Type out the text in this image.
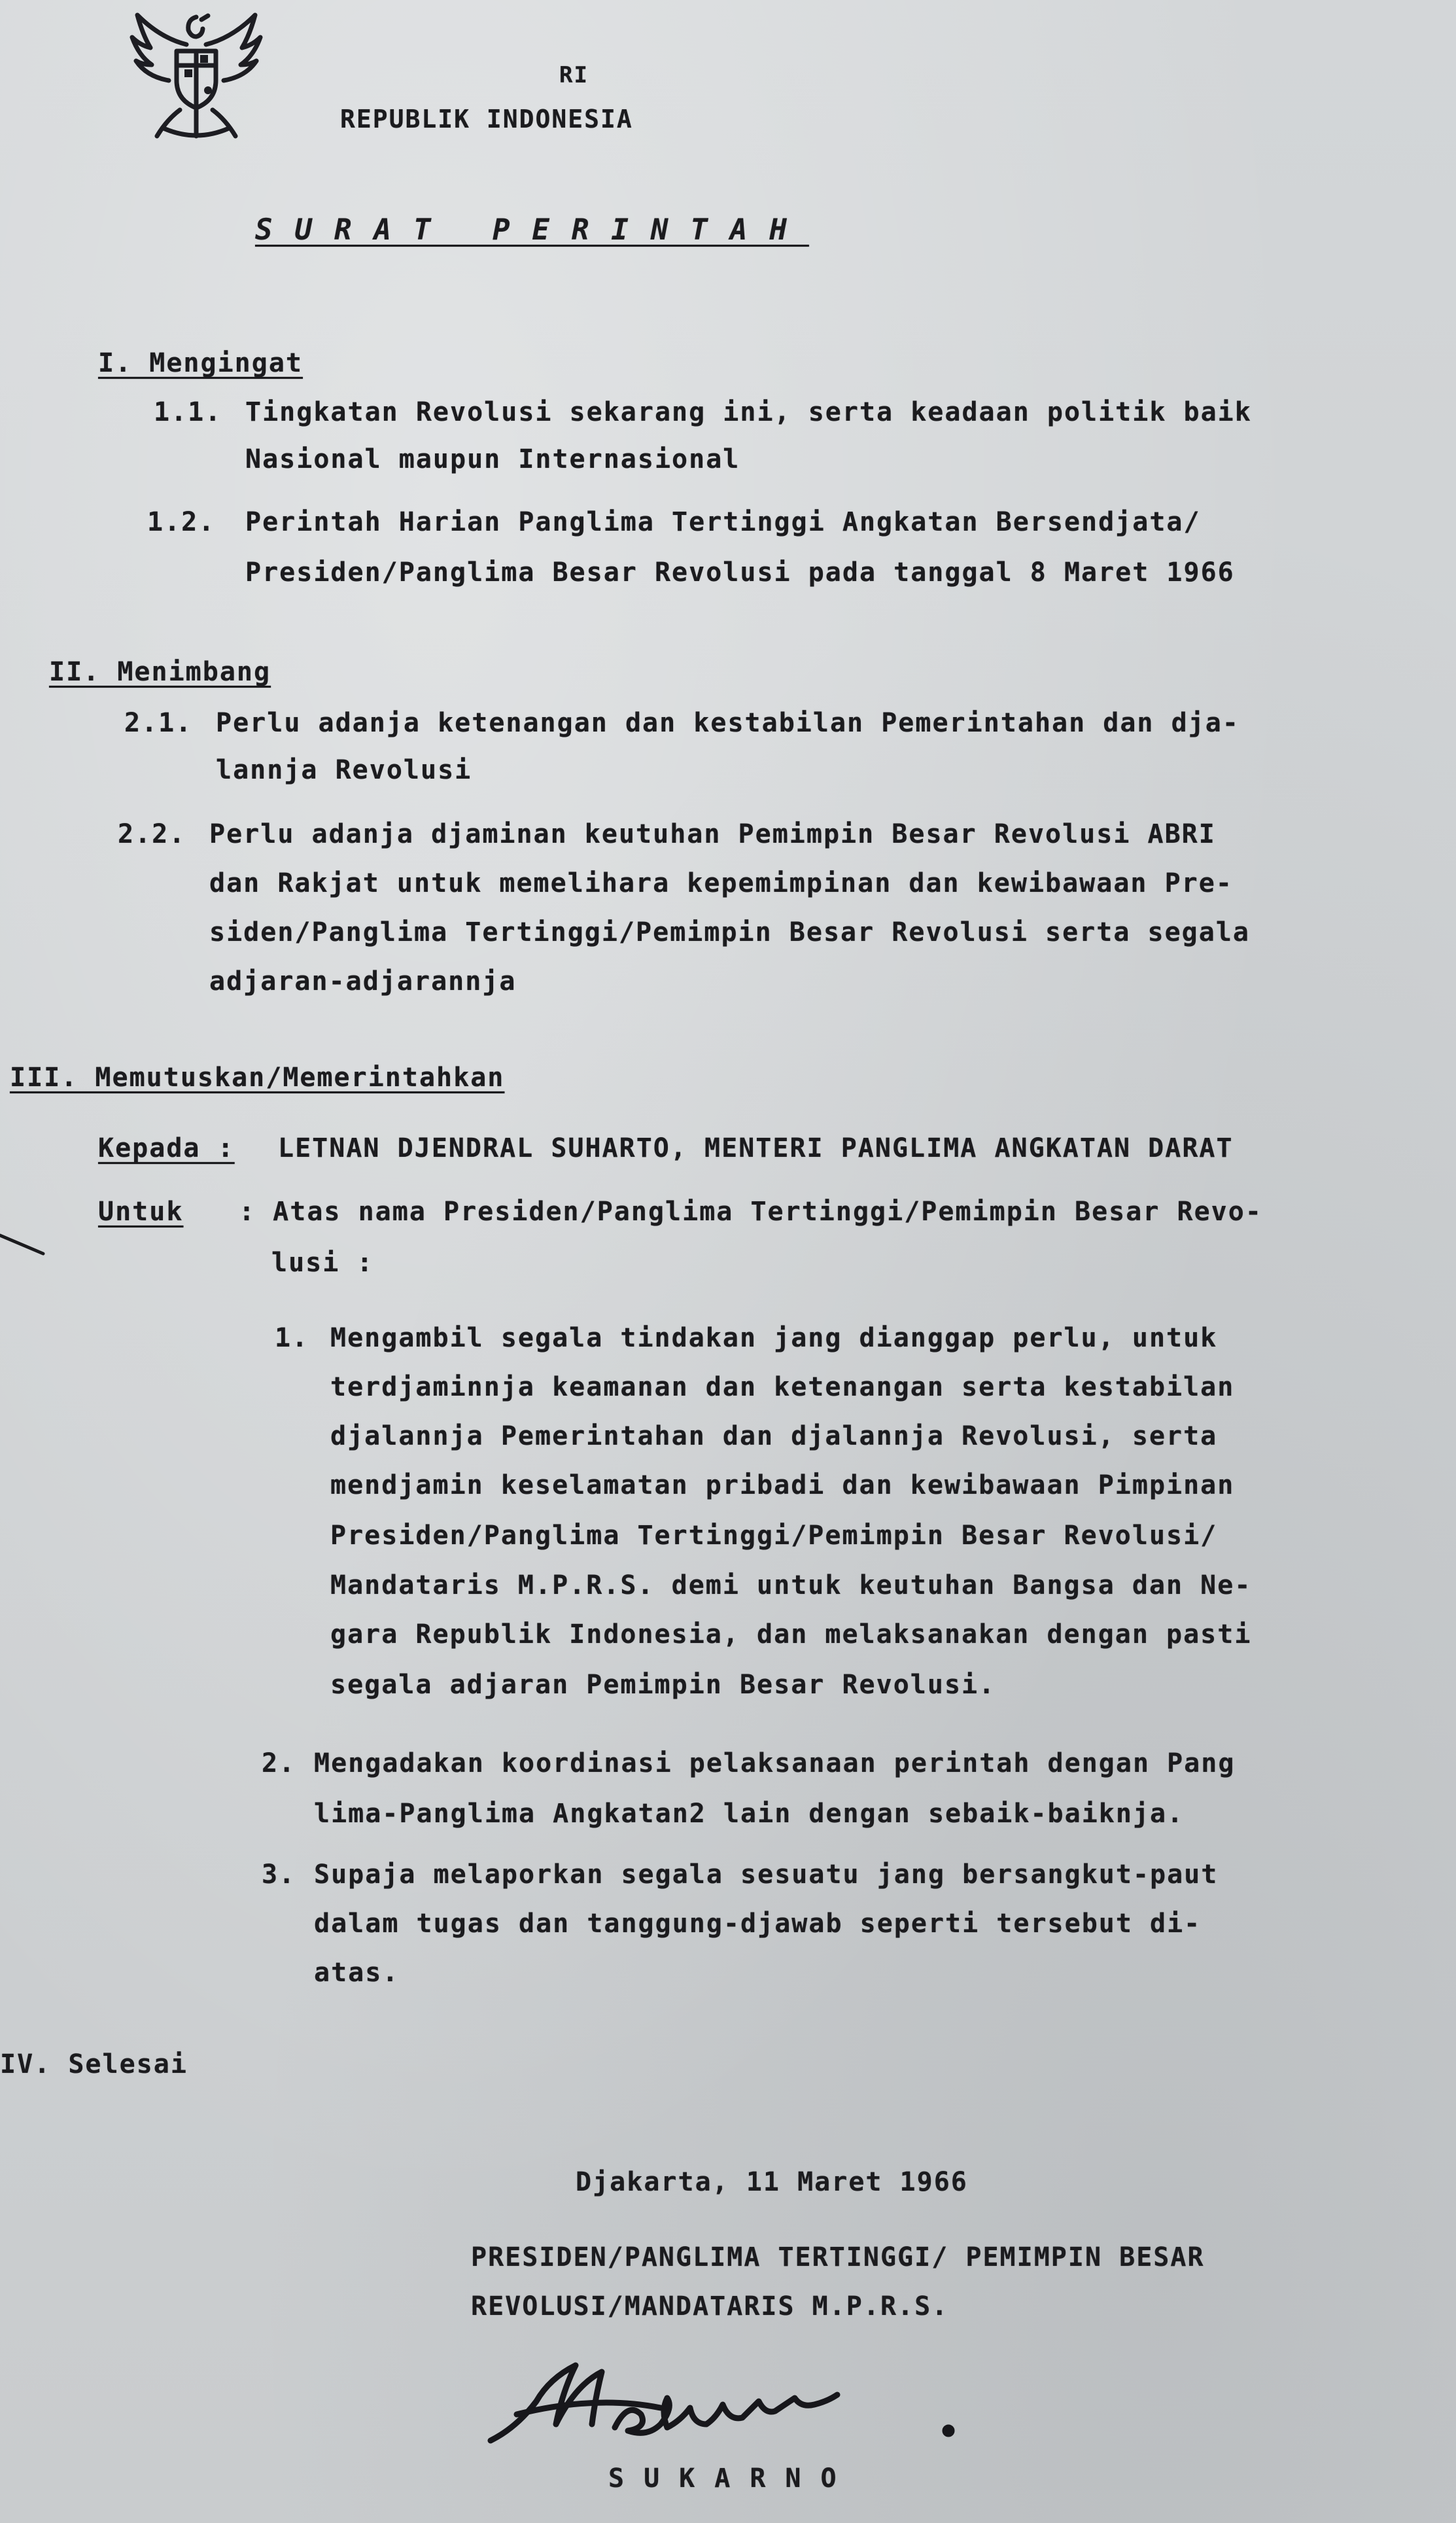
RI
REPUBLIK INDONESIA
SURAT PERINTAH
I. Mengingat
1.1. Tingkatan Revolusi sekarang ini, serta keadaan politik baik
Nasional maupun Internasional
1.2. Perintah Harian Panglima Tertinggi Angkatan Bersendjata/
Presiden/Panglima Besar Revolusi pada tanggal 8 Maret 1966
II. Menimbang
2.1. Perlu adanja ketenangan dan kestabilan Pemerintahan dan dja-
lannja Revolusi
2.2. Perlu adanja djaminan keutuhan Pemimpin Besar Revolusi ABRI
dan Rakjat untuk memelihara kepemimpinan dan kewibawaan Pre-
siden/Panglima Tertinggi/Pemimpin Besar Revolusi serta segala
adjaran-adjarannja
III. Memutuskan/Memerintahkan
Kepada : LETNAN DJENDRAL SUHARTO, MENTERI PANGLIMA ANGKATAN DARAT
Untuk : Atas nama Presiden/Panglima Tertinggi/Pemimpin Besar Revo-
lusi :
1. Mengambil segala tindakan jang dianggap perlu, untuk
terdjaminnja keamanan dan ketenangan serta kestabilan
djalannja Pemerintahan dan djalannja Revolusi, serta
mendjamin keselamatan pribadi dan kewibawaan Pimpinan
Presiden/Panglima Tertinggi/Pemimpin Besar Revolusi/
Mandataris M.P.R.S. demi untuk keutuhan Bangsa dan Ne-
gara Republik Indonesia, dan melaksanakan dengan pasti
segala adjaran Pemimpin Besar Revolusi.
2. Mengadakan koordinasi pelaksanaan perintah dengan Pang
lima-Panglima Angkatan2 lain dengan sebaik-baiknja.
3. Supaja melaporkan segala sesuatu jang bersangkut-paut
dalam tugas dan tanggung-djawab seperti tersebut di-
atas.
IV. Selesai
Djakarta, 11 Maret 1966
PRESIDEN/PANGLIMA TERTINGGI/ PEMIMPIN BESAR
REVOLUSI/MANDATARIS M.P.R.S.
SUKARNO
